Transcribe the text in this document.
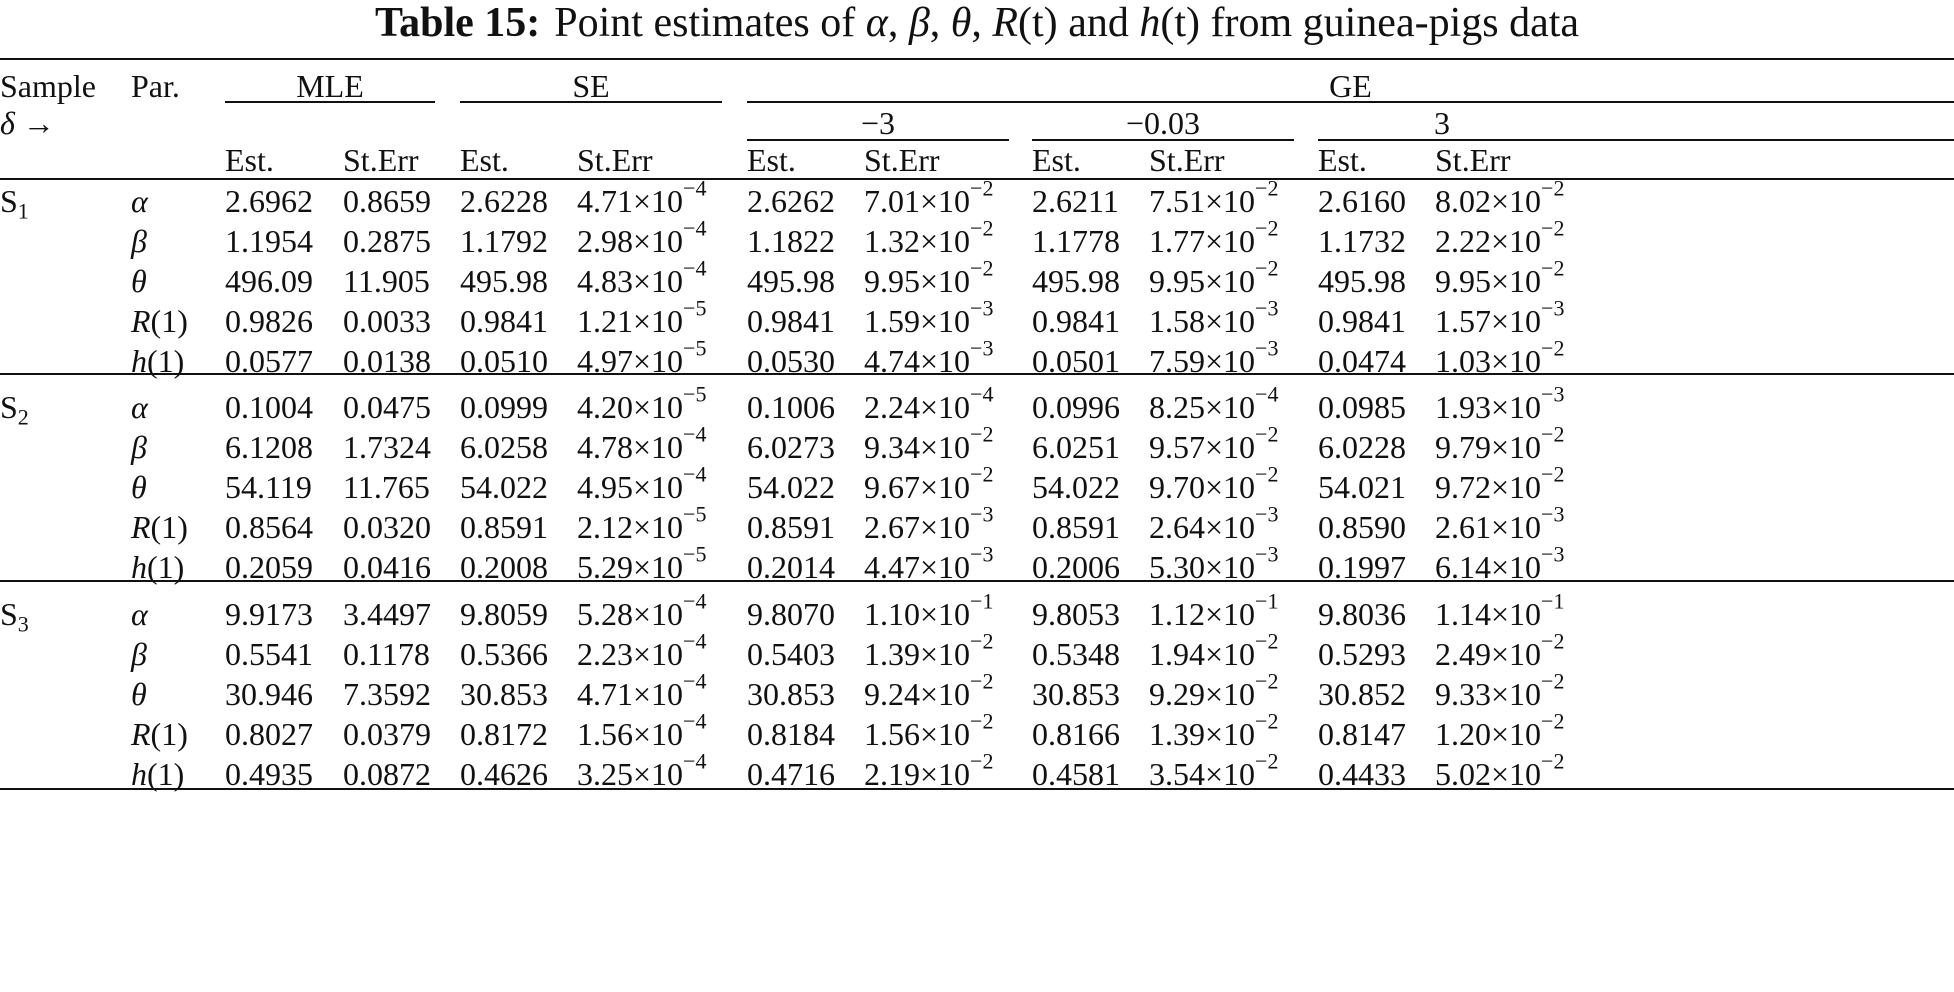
Table 15: Point estimates of α, β, θ, R(t) and h(t) from guinea-pigs data
Sample
δ →
Par.	MLE	SE	GE
−3	−0.03	3
Est. St.Err Est. St.Err	Est. St.Err	Est. St.Err	Est. St.Err
$S_1$	α 2.6962 0.8659 2.6228 $4.71\times 10^{-4}$ 2.6262 $7.01\times 10^{-2}$ 2.6211 $7.51\times 10^{-2}$ 2.6160 $8.02\times 10^{-2}$
β 1.1954 0.2875 1.1792 $2.98\times 10^{-4}$ 1.1822 $1.32\times 10^{-2}$ 1.1778 $1.77\times 10^{-2}$ 1.1732 $2.22\times 10^{-2}$
θ 496.09 11.905 495.98 $4.83\times 10^{-4}$ 495.98 $9.95\times 10^{-2}$ 495.98 $9.95\times 10^{-2}$ 495.98 $9.95\times 10^{-2}$
R(1) 0.9826 0.0033 0.9841 $1.21\times 10^{-5}$ 0.9841 $1.59\times 10^{-3}$ 0.9841 $1.58\times 10^{-3}$ 0.9841 $1.57\times 10^{-3}$
h(1) 0.0577 0.0138 0.0510 $4.97\times 10^{-5}$ 0.0530 $4.74\times 10^{-3}$ 0.0501 $7.59\times 10^{-3}$ 0.0474 $1.03\times 10^{-2}$
$S_2$	α 0.1004 0.0475 0.0999 $4.20\times 10^{-5}$ 0.1006 $2.24\times 10^{-4}$ 0.0996 $8.25\times 10^{-4}$ 0.0985 $1.93\times 10^{-3}$
β 6.1208 1.7324 6.0258 $4.78\times 10^{-4}$ 6.0273 $9.34\times 10^{-2}$ 6.0251 $9.57\times 10^{-2}$ 6.0228 $9.79\times 10^{-2}$
θ 54.119 11.765 54.022 $4.95\times 10^{-4}$ 54.022 $9.67\times 10^{-2}$ 54.022 $9.70\times 10^{-2}$ 54.021 $9.72\times 10^{-2}$
R(1) 0.8564 0.0320 0.8591 $2.12\times 10^{-5}$ 0.8591 $2.67\times 10^{-3}$ 0.8591 $2.64\times 10^{-3}$ 0.8590 $2.61\times 10^{-3}$
h(1) 0.2059 0.0416 0.2008 $5.29\times 10^{-5}$ 0.2014 $4.47\times 10^{-3}$ 0.2006 $5.30\times 10^{-3}$ 0.1997 $6.14\times 10^{-3}$
$S_3$	α 9.9173 3.4497 9.8059 $5.28\times 10^{-4}$ 9.8070 $1.10\times 10^{-1}$ 9.8053 $1.12\times 10^{-1}$ 9.8036 $1.14\times 10^{-1}$
β 0.5541 0.1178 0.5366 $2.23\times 10^{-4}$ 0.5403 $1.39\times 10^{-2}$ 0.5348 $1.94\times 10^{-2}$ 0.5293 $2.49\times 10^{-2}$
θ 30.946 7.3592 30.853 $4.71\times 10^{-4}$ 30.853 $9.24\times 10^{-2}$ 30.853 $9.29\times 10^{-2}$ 30.852 $9.33\times 10^{-2}$
R(1) 0.8027 0.0379 0.8172 $1.56\times 10^{-4}$ 0.8184 $1.56\times 10^{-2}$ 0.8166 $1.39\times 10^{-2}$ 0.8147 $1.20\times 10^{-2}$
h(1) 0.4935 0.0872 0.4626 $3.25\times 10^{-4}$ 0.4716 $2.19\times 10^{-2}$ 0.4581 $3.54\times 10^{-2}$ 0.4433 $5.02\times 10^{-2}$
